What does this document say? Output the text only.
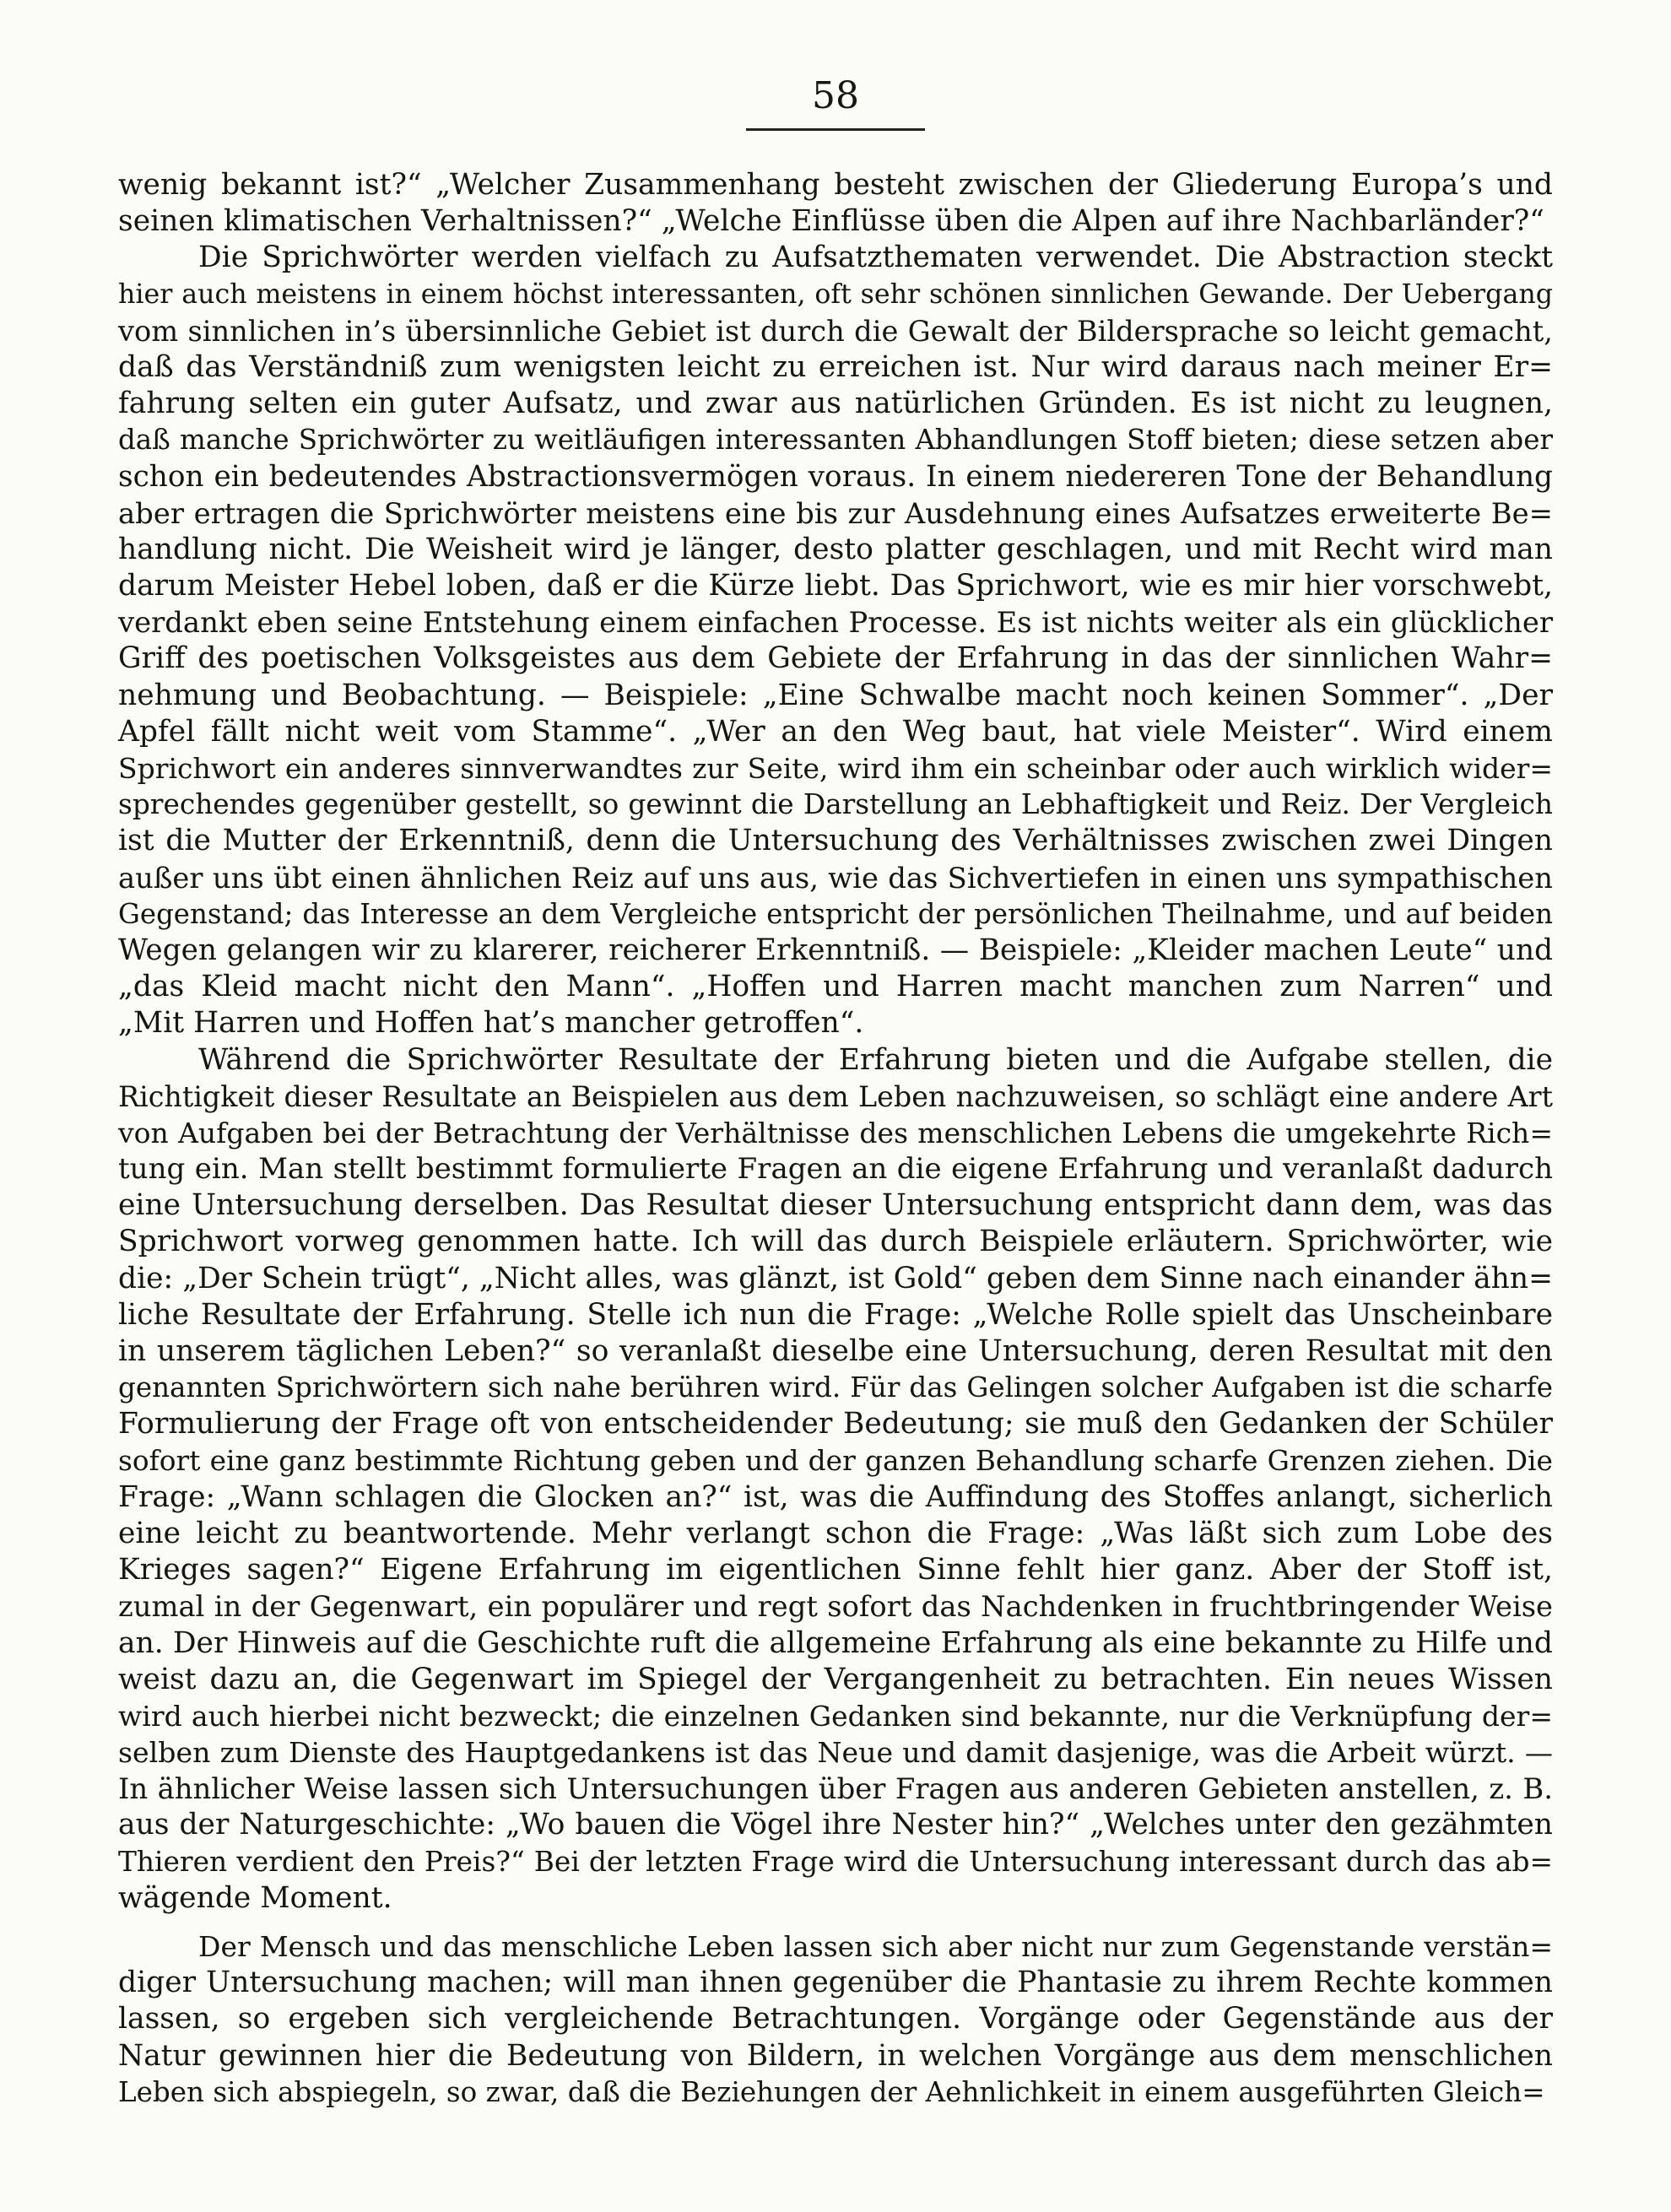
58
wenig bekannt ist?“ „Welcher Zusammenhang besteht zwischen der Gliederung Europa’s und
seinen klimatischen Verhaltnissen?“ „Welche Einflüsse üben die Alpen auf ihre Nachbarländer?“
Die Sprichwörter werden vielfach zu Aufsatzthematen verwendet. Die Abstraction steckt
hier auch meistens in einem höchst interessanten, oft sehr schönen sinnlichen Gewande. Der Uebergang
vom sinnlichen in’s übersinnliche Gebiet ist durch die Gewalt der Bildersprache so leicht gemacht,
daß das Verständniß zum wenigsten leicht zu erreichen ist. Nur wird daraus nach meiner Er=
fahrung selten ein guter Aufsatz, und zwar aus natürlichen Gründen. Es ist nicht zu leugnen,
daß manche Sprichwörter zu weitläufigen interessanten Abhandlungen Stoff bieten; diese setzen aber
schon ein bedeutendes Abstractionsvermögen voraus. In einem niedereren Tone der Behandlung
aber ertragen die Sprichwörter meistens eine bis zur Ausdehnung eines Aufsatzes erweiterte Be=
handlung nicht. Die Weisheit wird je länger, desto platter geschlagen, und mit Recht wird man
darum Meister Hebel loben, daß er die Kürze liebt. Das Sprichwort, wie es mir hier vorschwebt,
verdankt eben seine Entstehung einem einfachen Processe. Es ist nichts weiter als ein glücklicher
Griff des poetischen Volksgeistes aus dem Gebiete der Erfahrung in das der sinnlichen Wahr=
nehmung und Beobachtung. — Beispiele: „Eine Schwalbe macht noch keinen Sommer“. „Der
Apfel fällt nicht weit vom Stamme“. „Wer an den Weg baut, hat viele Meister“. Wird einem
Sprichwort ein anderes sinnverwandtes zur Seite, wird ihm ein scheinbar oder auch wirklich wider=
sprechendes gegenüber gestellt, so gewinnt die Darstellung an Lebhaftigkeit und Reiz. Der Vergleich
ist die Mutter der Erkenntniß, denn die Untersuchung des Verhältnisses zwischen zwei Dingen
außer uns übt einen ähnlichen Reiz auf uns aus, wie das Sichvertiefen in einen uns sympathischen
Gegenstand; das Interesse an dem Vergleiche entspricht der persönlichen Theilnahme, und auf beiden
Wegen gelangen wir zu klarerer, reicherer Erkenntniß. — Beispiele: „Kleider machen Leute“ und
„das Kleid macht nicht den Mann“. „Hoffen und Harren macht manchen zum Narren“ und
„Mit Harren und Hoffen hat’s mancher getroffen“.
Während die Sprichwörter Resultate der Erfahrung bieten und die Aufgabe stellen, die
Richtigkeit dieser Resultate an Beispielen aus dem Leben nachzuweisen, so schlägt eine andere Art
von Aufgaben bei der Betrachtung der Verhältnisse des menschlichen Lebens die umgekehrte Rich=
tung ein. Man stellt bestimmt formulierte Fragen an die eigene Erfahrung und veranlaßt dadurch
eine Untersuchung derselben. Das Resultat dieser Untersuchung entspricht dann dem, was das
Sprichwort vorweg genommen hatte. Ich will das durch Beispiele erläutern. Sprichwörter, wie
die: „Der Schein trügt“, „Nicht alles, was glänzt, ist Gold“ geben dem Sinne nach einander ähn=
liche Resultate der Erfahrung. Stelle ich nun die Frage: „Welche Rolle spielt das Unscheinbare
in unserem täglichen Leben?“ so veranlaßt dieselbe eine Untersuchung, deren Resultat mit den
genannten Sprichwörtern sich nahe berühren wird. Für das Gelingen solcher Aufgaben ist die scharfe
Formulierung der Frage oft von entscheidender Bedeutung; sie muß den Gedanken der Schüler
sofort eine ganz bestimmte Richtung geben und der ganzen Behandlung scharfe Grenzen ziehen. Die
Frage: „Wann schlagen die Glocken an?“ ist, was die Auffindung des Stoffes anlangt, sicherlich
eine leicht zu beantwortende. Mehr verlangt schon die Frage: „Was läßt sich zum Lobe des
Krieges sagen?“ Eigene Erfahrung im eigentlichen Sinne fehlt hier ganz. Aber der Stoff ist,
zumal in der Gegenwart, ein populärer und regt sofort das Nachdenken in fruchtbringender Weise
an. Der Hinweis auf die Geschichte ruft die allgemeine Erfahrung als eine bekannte zu Hilfe und
weist dazu an, die Gegenwart im Spiegel der Vergangenheit zu betrachten. Ein neues Wissen
wird auch hierbei nicht bezweckt; die einzelnen Gedanken sind bekannte, nur die Verknüpfung der=
selben zum Dienste des Hauptgedankens ist das Neue und damit dasjenige, was die Arbeit würzt. —
In ähnlicher Weise lassen sich Untersuchungen über Fragen aus anderen Gebieten anstellen, z. B.
aus der Naturgeschichte: „Wo bauen die Vögel ihre Nester hin?“ „Welches unter den gezähmten
Thieren verdient den Preis?“ Bei der letzten Frage wird die Untersuchung interessant durch das ab=
wägende Moment.
Der Mensch und das menschliche Leben lassen sich aber nicht nur zum Gegenstande verstän=
diger Untersuchung machen; will man ihnen gegenüber die Phantasie zu ihrem Rechte kommen
lassen, so ergeben sich vergleichende Betrachtungen. Vorgänge oder Gegenstände aus der
Natur gewinnen hier die Bedeutung von Bildern, in welchen Vorgänge aus dem menschlichen
Leben sich abspiegeln, so zwar, daß die Beziehungen der Aehnlichkeit in einem ausgeführten Gleich=
